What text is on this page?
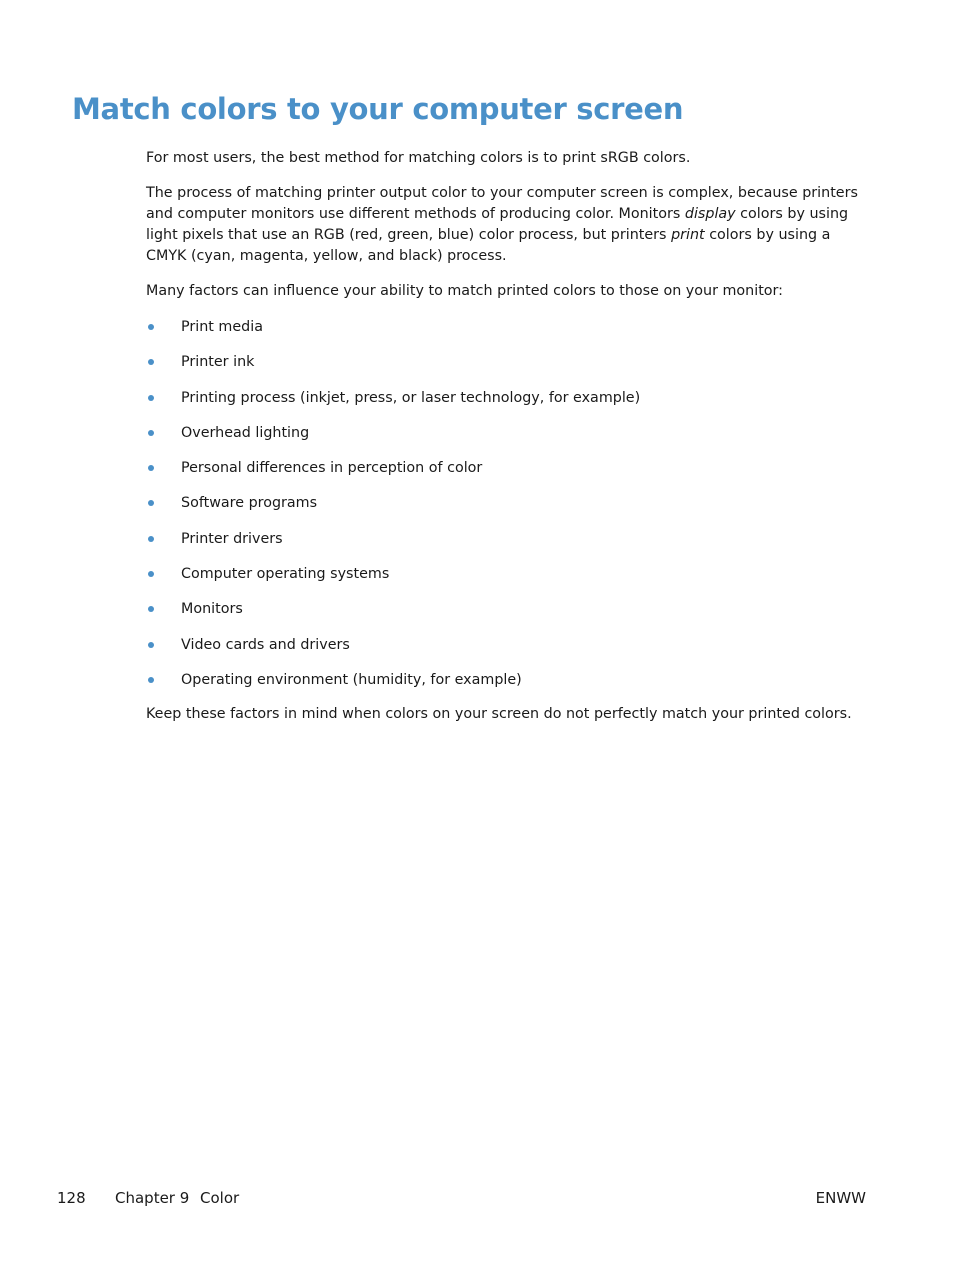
Match colors to your computer screen

For most users, the best method for matching colors is to print sRGB colors.

The process of matching printer output color to your computer screen is complex, because printers and computer monitors use different methods of producing color. Monitors display colors by using light pixels that use an RGB (red, green, blue) color process, but printers print colors by using a CMYK (cyan, magenta, yellow, and black) process.

Many factors can influence your ability to match printed colors to those on your monitor:

Print media
Printer ink
Printing process (inkjet, press, or laser technology, for example)
Overhead lighting
Personal differences in perception of color
Software programs
Printer drivers
Computer operating systems
Monitors
Video cards and drivers
Operating environment (humidity, for example)

Keep these factors in mind when colors on your screen do not perfectly match your printed colors.

128 Chapter 9 Color	ENWW
